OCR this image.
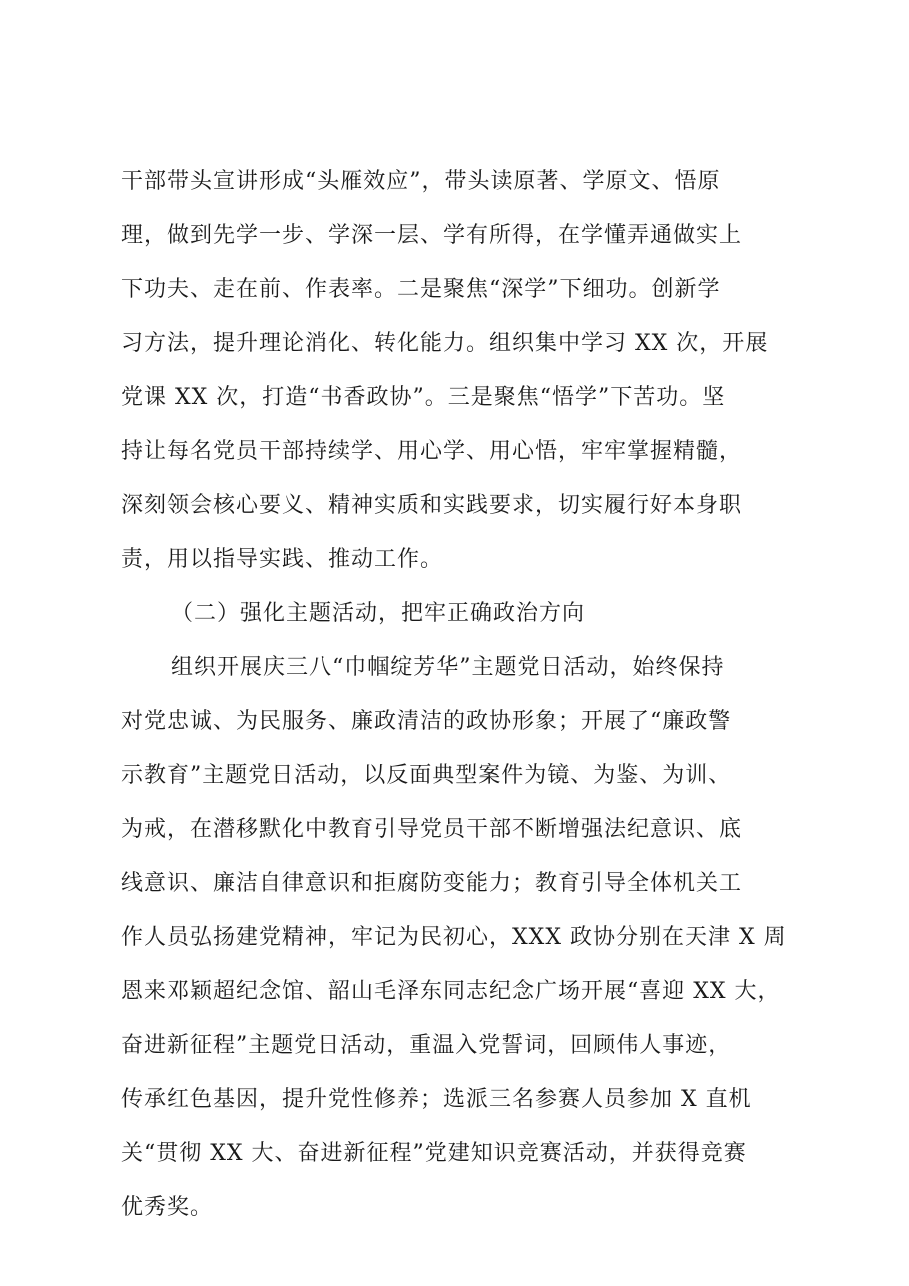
干部带头宣讲形成“头雁效应”，带头读原著、学原文、悟原
理，做到先学一步、学深一层、学有所得，在学懂弄通做实上
下功夫、走在前、作表率。二是聚焦“深学”下细功。创新学
习方法，提升理论消化、转化能力。组织集中学习 XX 次，开展
党课 XX 次，打造“书香政协”。三是聚焦“悟学”下苦功。坚
持让每名党员干部持续学、用心学、用心悟，牢牢掌握精髓，
深刻领会核心要义、精神实质和实践要求，切实履行好本身职
责，用以指导实践、推动工作。
（二）强化主题活动，把牢正确政治方向
组织开展庆三八“巾帼绽芳华”主题党日活动，始终保持
对党忠诚、为民服务、廉政清洁的政协形象；开展了“廉政警
示教育”主题党日活动，以反面典型案件为镜、为鉴、为训、
为戒，在潜移默化中教育引导党员干部不断增强法纪意识、底
线意识、廉洁自律意识和拒腐防变能力；教育引导全体机关工
作人员弘扬建党精神，牢记为民初心，XXX 政协分别在天津 X 周
恩来邓颖超纪念馆、韶山毛泽东同志纪念广场开展“喜迎 XX 大，
奋进新征程”主题党日活动，重温入党誓词，回顾伟人事迹，
传承红色基因，提升党性修养；选派三名参赛人员参加 X 直机
关“贯彻 XX 大、奋进新征程”党建知识竞赛活动，并获得竞赛
优秀奖。
